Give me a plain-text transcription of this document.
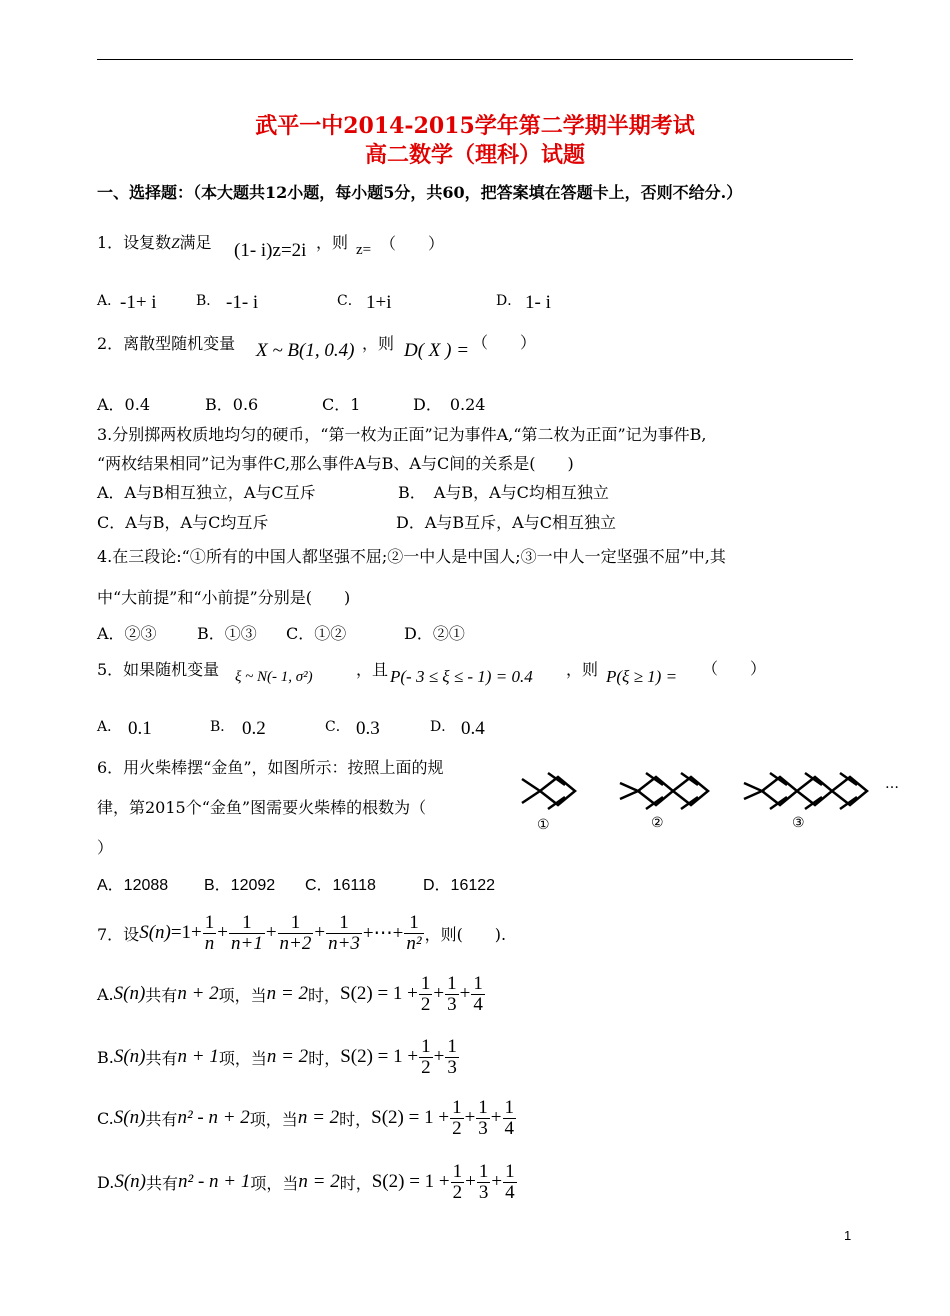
武平一中2014-2015学年第二学期半期考试
高二数学（理科）试题
一、选择题：（本大题共12小题，每小题5分，共60，把答案填在答题卡上，否则不给分.）
1．设复数Z满足 (1- i)z=2i ，则 z= （　　）
A．
-1+ i	B． -1- i	C． 1+i	D． 1- i
2．离散型随机变量 X ~ B(1, 0.4) ，则 D( X ) = （　　）
A．0.4	B．0.6	C．1	D．　0.24
3.分别掷两枚质地均匀的硬币，“第一枚为正面”记为事件A,“第二枚为正面”记为事件B,
“两枚结果相同”记为事件C,那么事件A与B、A与C间的关系是(　　)
A．A与B相互独立，A与C互斥	B．　A与B，A与C均相互独立
C．A与B，A与C均互斥	D．A与B互斥，A与C相互独立
4.在三段论:“①所有的中国人都坚强不屈;②一中人是中国人;③一中人一定坚强不屈”中,其
中“大前提”和“小前提”分别是(　　)
A．②③	B．①③ C．①②	D．②①
5．如果随机变量 ξ ~ N(- 1, σ²)	，且 P(- 3 ≤ ξ ≤ - 1) = 0.4 ，则 P(ξ ≥ 1) = （　　）
A． 0.1	B． 0.2	C． 0.3	D． 0.4
6．用火柴棒摆“金鱼”，如图所示：按照上面的规
律，第2015个“金鱼”图需要火柴棒的根数为（
）
①	②	③
…
A．12088 B．12092 C．16118	D．16122
7．设 $S(n) =1+ \frac{1}{n} + \frac{1}{n+1} + \frac{1}{n+2} + \frac{1}{n+3}$ +⋯+ $\frac{1}{\text{n²}}$ ，则(　　).
A. S(n) 共有 n + 2 项，当 n = 2 时， $S(2) = 1 + \frac{1}{2} + \frac{1}{3} + \frac{1}{4}$
B. S(n) 共有 n + 1 项，当 n = 2 时， $S(2) = 1 + \frac{1}{2} + \frac{1}{3}$
C. S(n) 共有 n² - n + 2 项，当 n = 2 时， $S(2) = 1 + \frac{1}{2} + \frac{1}{3} + \frac{1}{4}$
D. S(n) 共有 n² - n + 1 项，当 n = 2 时， $S(2) = 1 + \frac{1}{2} + \frac{1}{3} + \frac{1}{4}$
1
